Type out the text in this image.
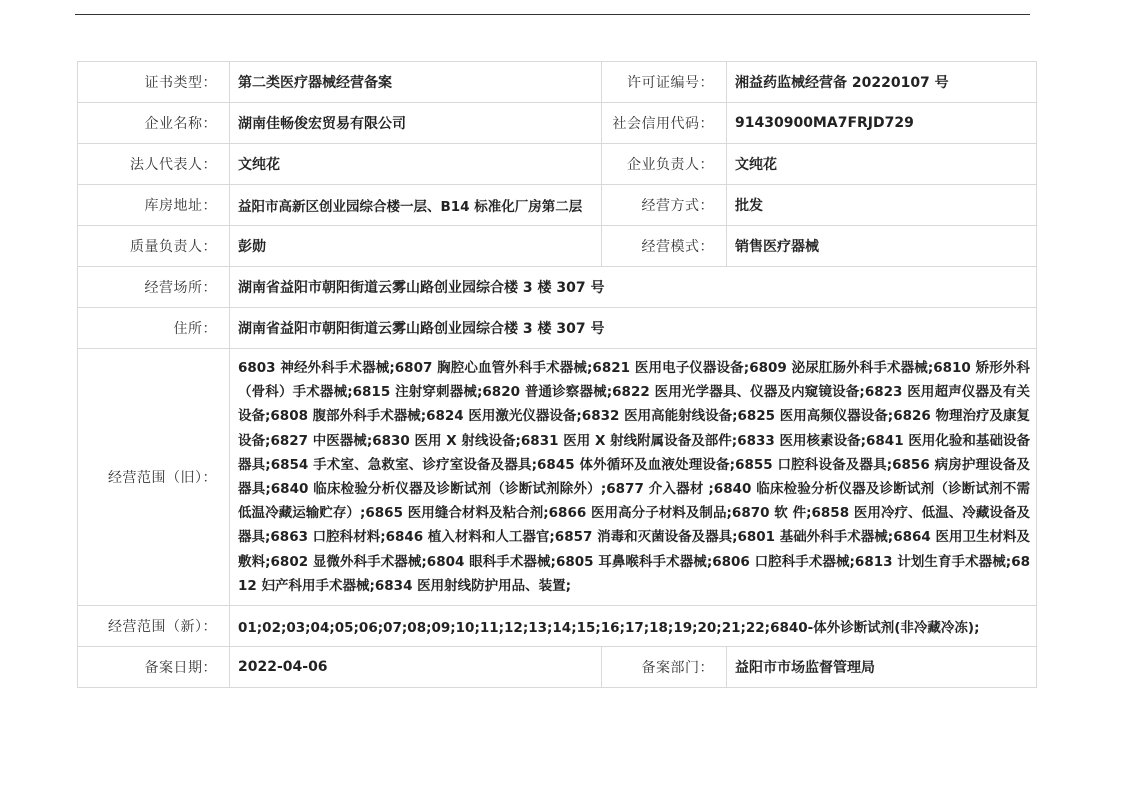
证书类型：	第二类医疗器械经营备案	许可证编号：	湘益药监械经营备 20220107 号
企业名称：	湖南佳畅俊宏贸易有限公司	社会信用代码：	91430900MA7FRJD729
法人代表人：	文纯花	企业负责人：	文纯花
库房地址：	益阳市高新区创业园综合楼一层、B14 标准化厂房第二层	经营方式：	批发
质量负责人：	彭勋	经营模式：	销售医疗器械
经营场所：	湖南省益阳市朝阳街道云雾山路创业园综合楼 3 楼 307 号		
住所：	湖南省益阳市朝阳街道云雾山路创业园综合楼 3 楼 307 号		
经营范围（旧）：	6803 神经外科手术器械;6807 胸腔心血管外科手术器械;6821 医用电子仪器设备;6809 泌尿肛肠外科手术器械;6810 矫形外科（骨科）手术器械;6815 注射穿刺器械;6820 普通诊察器械;6822 医用光学器具、仪器及内窥镜设备;6823 医用超声仪器及有关设备;6808 腹部外科手术器械;6824 医用激光仪器设备;6832 医用高能射线设备;6825 医用高频仪器设备;6826 物理治疗及康复设备;6827 中医器械;6830 医用 X 射线设备;6831 医用 X 射线附属设备及部件;6833 医用核素设备;6841 医用化验和基础设备器具;6854 手术室、急救室、诊疗室设备及器具;6845 体外循环及血液处理设备;6855 口腔科设备及器具;6856 病房护理设备及器具;6840 临床检验分析仪器及诊断试剂（诊断试剂除外）;6877 介入器材 ;6840 临床检验分析仪器及诊断试剂（诊断试剂不需低温冷藏运输贮存）;6865 医用缝合材料及粘合剂;6866 医用高分子材料及制品;6870 软 件;6858 医用冷疗、低温、冷藏设备及器具;6863 口腔科材料;6846 植入材料和人工器官;6857 消毒和灭菌设备及器具;6801 基础外科手术器械;6864 医用卫生材料及敷料;6802 显微外科手术器械;6804 眼科手术器械;6805 耳鼻喉科手术器械;6806 口腔科手术器械;6813 计划生育手术器械;6812 妇产科用手术器械;6834 医用射线防护用品、装置;		
经营范围（新）：	01;02;03;04;05;06;07;08;09;10;11;12;13;14;15;16;17;18;19;20;21;22;6840-体外诊断试剂(非冷藏冷冻);		
备案日期：	2022-04-06	备案部门：	益阳市市场监督管理局
